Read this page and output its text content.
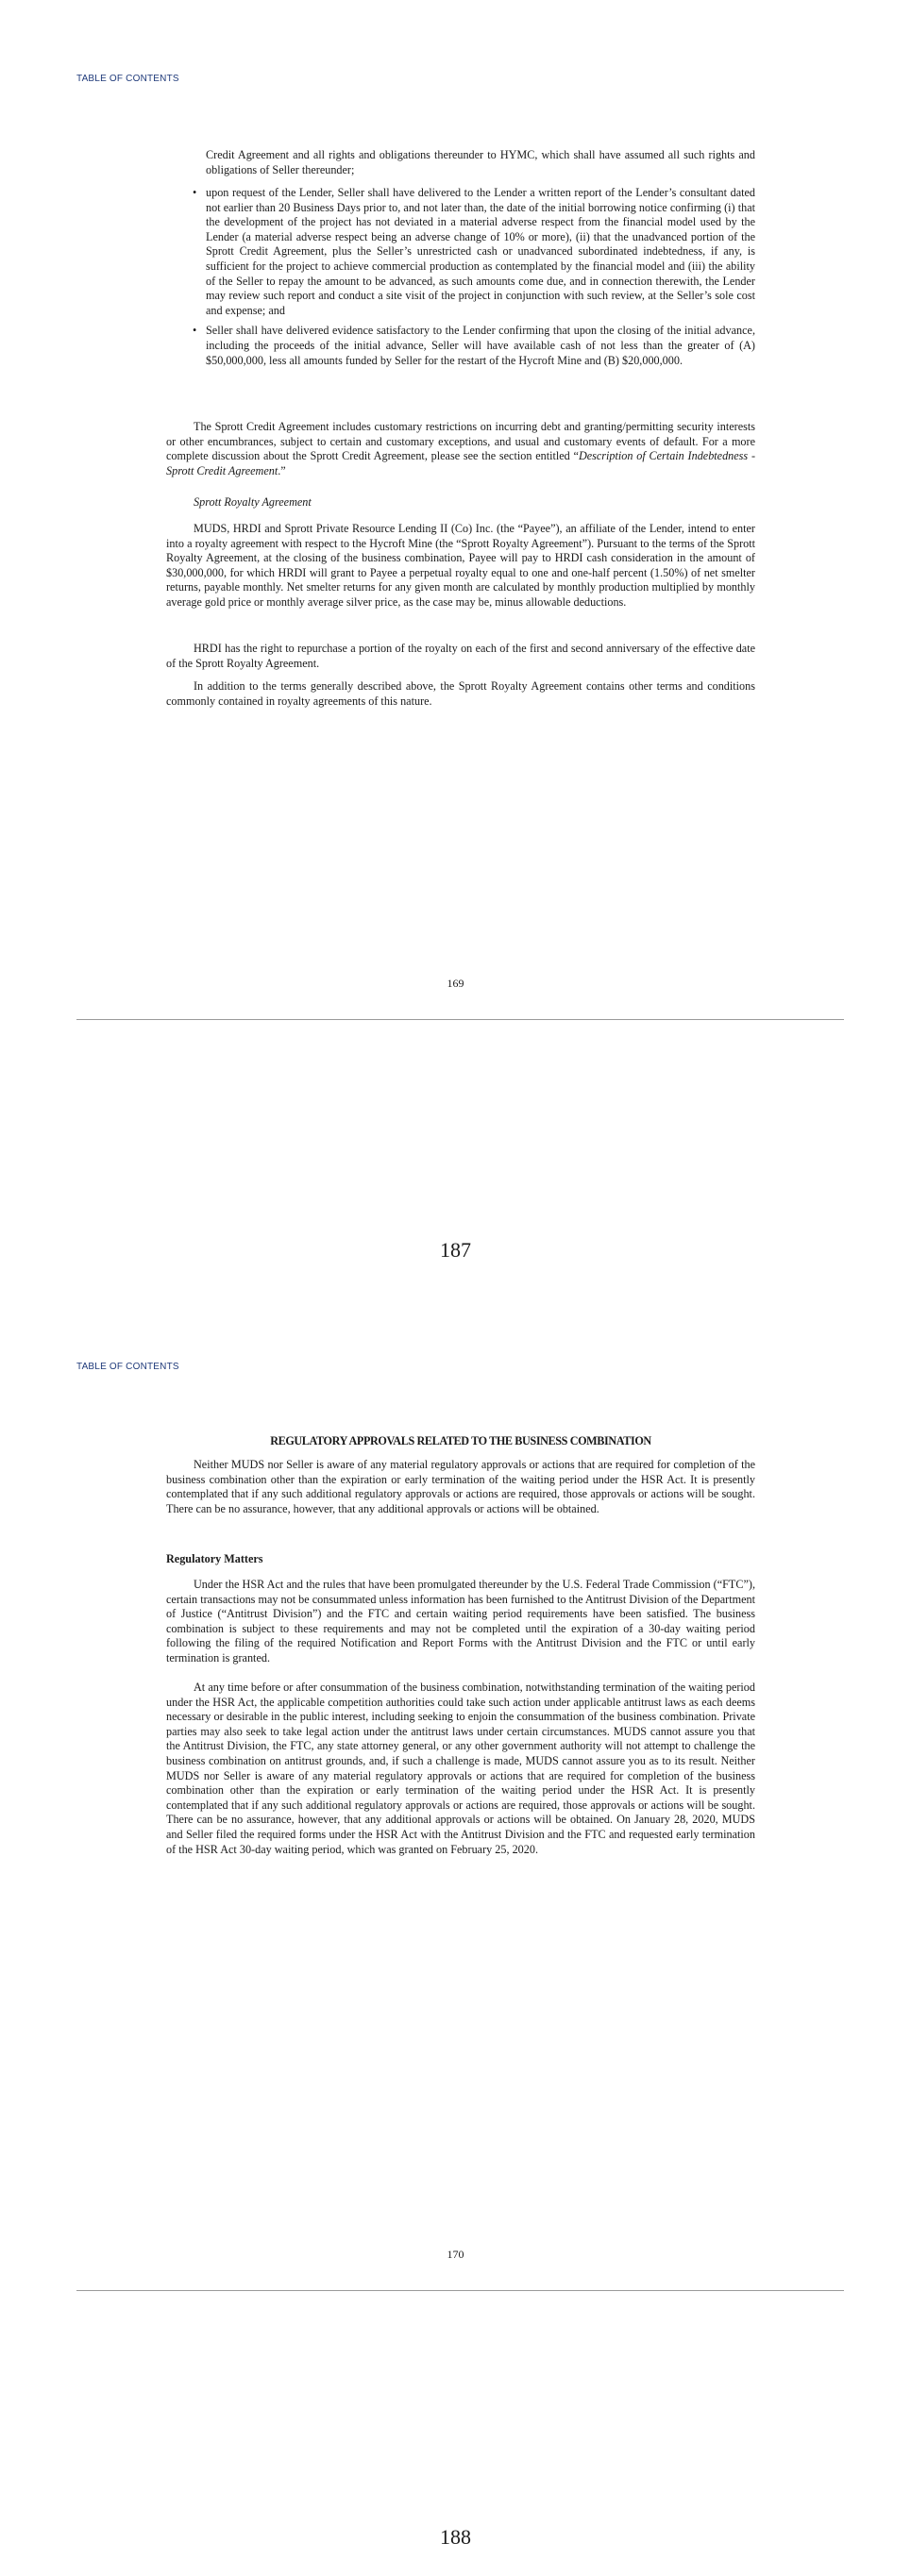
TABLE OF CONTENTS
Credit Agreement and all rights and obligations thereunder to HYMC, which shall have assumed all such rights and obligations of Seller thereunder;
• upon request of the Lender, Seller shall have delivered to the Lender a written report of the Lender’s consultant dated not earlier than 20 Business Days prior to, and not later than, the date of the initial borrowing notice confirming (i) that the development of the project has not deviated in a material adverse respect from the financial model used by the Lender (a material adverse respect being an adverse change of 10% or more), (ii) that the unadvanced portion of the Sprott Credit Agreement, plus the Seller’s unrestricted cash or unadvanced subordinated indebtedness, if any, is sufficient for the project to achieve commercial production as contemplated by the financial model and (iii) the ability of the Seller to repay the amount to be advanced, as such amounts come due, and in connection therewith, the Lender may review such report and conduct a site visit of the project in conjunction with such review, at the Seller’s sole cost and expense; and
• Seller shall have delivered evidence satisfactory to the Lender confirming that upon the closing of the initial advance, including the proceeds of the initial advance, Seller will have available cash of not less than the greater of (A) $50,000,000, less all amounts funded by Seller for the restart of the Hycroft Mine and (B) $20,000,000.
The Sprott Credit Agreement includes customary restrictions on incurring debt and granting/permitting security interests or other encumbrances, subject to certain and customary exceptions, and usual and customary events of default. For a more complete discussion about the Sprott Credit Agreement, please see the section entitled “Description of Certain Indebtedness - Sprott Credit Agreement.”
Sprott Royalty Agreement
MUDS, HRDI and Sprott Private Resource Lending II (Co) Inc. (the “Payee”), an affiliate of the Lender, intend to enter into a royalty agreement with respect to the Hycroft Mine (the “Sprott Royalty Agreement”). Pursuant to the terms of the Sprott Royalty Agreement, at the closing of the business combination, Payee will pay to HRDI cash consideration in the amount of $30,000,000, for which HRDI will grant to Payee a perpetual royalty equal to one and one-half percent (1.50%) of net smelter returns, payable monthly. Net smelter returns for any given month are calculated by monthly production multiplied by monthly average gold price or monthly average silver price, as the case may be, minus allowable deductions.
HRDI has the right to repurchase a portion of the royalty on each of the first and second anniversary of the effective date of the Sprott Royalty Agreement.
In addition to the terms generally described above, the Sprott Royalty Agreement contains other terms and conditions commonly contained in royalty agreements of this nature.
169
187
TABLE OF CONTENTS
REGULATORY APPROVALS RELATED TO THE BUSINESS COMBINATION
Neither MUDS nor Seller is aware of any material regulatory approvals or actions that are required for completion of the business combination other than the expiration or early termination of the waiting period under the HSR Act. It is presently contemplated that if any such additional regulatory approvals or actions are required, those approvals or actions will be sought. There can be no assurance, however, that any additional approvals or actions will be obtained.
Regulatory Matters
Under the HSR Act and the rules that have been promulgated thereunder by the U.S. Federal Trade Commission (“FTC”), certain transactions may not be consummated unless information has been furnished to the Antitrust Division of the Department of Justice (“Antitrust Division”) and the FTC and certain waiting period requirements have been satisfied. The business combination is subject to these requirements and may not be completed until the expiration of a 30-day waiting period following the filing of the required Notification and Report Forms with the Antitrust Division and the FTC or until early termination is granted.
At any time before or after consummation of the business combination, notwithstanding termination of the waiting period under the HSR Act, the applicable competition authorities could take such action under applicable antitrust laws as each deems necessary or desirable in the public interest, including seeking to enjoin the consummation of the business combination. Private parties may also seek to take legal action under the antitrust laws under certain circumstances. MUDS cannot assure you that the Antitrust Division, the FTC, any state attorney general, or any other government authority will not attempt to challenge the business combination on antitrust grounds, and, if such a challenge is made, MUDS cannot assure you as to its result. Neither MUDS nor Seller is aware of any material regulatory approvals or actions that are required for completion of the business combination other than the expiration or early termination of the waiting period under the HSR Act. It is presently contemplated that if any such additional regulatory approvals or actions are required, those approvals or actions will be sought. There can be no assurance, however, that any additional approvals or actions will be obtained. On January 28, 2020, MUDS and Seller filed the required forms under the HSR Act with the Antitrust Division and the FTC and requested early termination of the HSR Act 30-day waiting period, which was granted on February 25, 2020.
170
188
